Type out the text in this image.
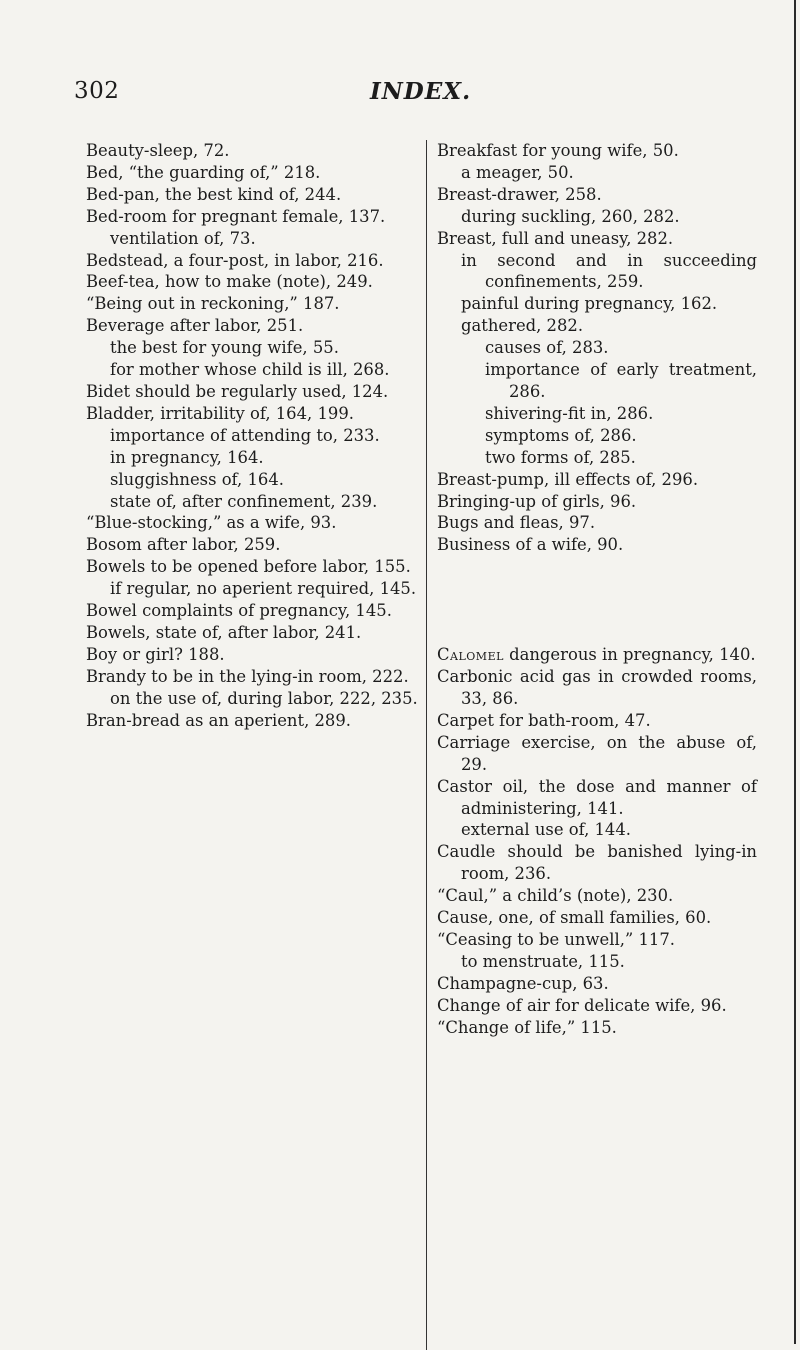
302	INDEX.

Beauty-sleep, 72.

Bed, “the guarding of,” 218.

Bed-pan, the best kind of, 244.

Bed-room for pregnant female, 137.

ventilation of, 73.

Bedstead, a four-post, in labor, 216.

Beef-tea, how to make (note), 249.

“Being out in reckoning,” 187.

Beverage after labor, 251.

the best for young wife, 55.

for mother whose child is ill, 268.

Bidet should be regularly used, 124.

Bladder, irritability of, 164, 199.

importance of attending to, 233.

in pregnancy, 164.

sluggishness of, 164.

state of, after confinement, 239.

“Blue-stocking,” as a wife, 93.

Bosom after labor, 259.

Bowels to be opened before labor, 155.

if regular, no aperient required, 145.

Bowel complaints of pregnancy, 145.

Bowels, state of, after labor, 241.

Boy or girl? 188.

Brandy to be in the lying-in room, 222.

on the use of, during labor, 222, 235.

Bran-bread as an aperient, 289.

Breakfast for young wife, 50.

a meager, 50.

Breast-drawer, 258.

during suckling, 260, 282.

Breast, full and uneasy, 282.

in second and in succeeding confinements, 259.

painful during pregnancy, 162.

gathered, 282.

causes of, 283.

importance of early treatment, 286.

shivering-fit in, 286.

symptoms of, 286.

two forms of, 285.

Breast-pump, ill effects of, 296.

Bringing-up of girls, 96.

Bugs and fleas, 97.

Business of a wife, 90.

Calomel dangerous in pregnancy, 140.

Carbonic acid gas in crowded rooms, 33, 86.

Carpet for bath-room, 47.

Carriage exercise, on the abuse of, 29.

Castor oil, the dose and manner of administering, 141.

external use of, 144.

Caudle should be banished lying-in room, 236.

“Caul,” a child’s (note), 230.

Cause, one, of small families, 60.

“Ceasing to be unwell,” 117.

to menstruate, 115.

Champagne-cup, 63.

Change of air for delicate wife, 96.

“Change of life,” 115.
